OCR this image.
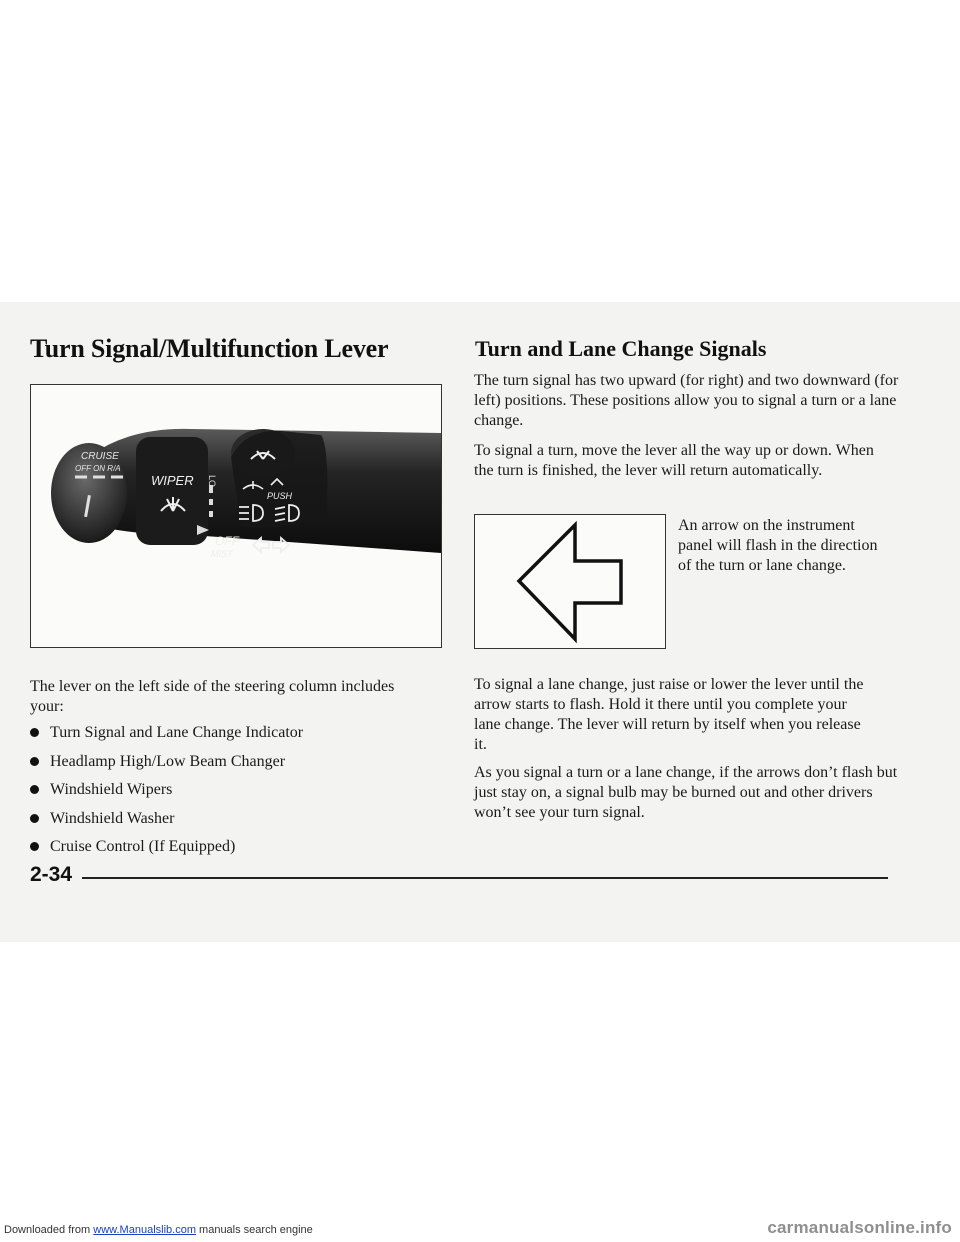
Turn Signal/Multifunction Lever
CRUISE
OFF ON R/A
WIPER LO
PUSH
OFF
MIST

The lever on the left side of the steering column includes your:

Turn Signal and Lane Change Indicator
Headlamp High/Low Beam Changer
Windshield Wipers
Windshield Washer
Cruise Control (If Equipped)
Turn and Lane Change Signals

The turn signal has two upward (for right) and two downward (for left) positions. These positions allow you to signal a turn or a lane change.

To signal a turn, move the lever all the way up or down. When the turn is finished, the lever will return automatically.

An arrow on the instrument panel will flash in the direction of the turn or lane change.

To signal a lane change, just raise or lower the lever until the arrow starts to flash. Hold it there until you complete your lane change. The lever will return by itself when you release it.

As you signal a turn or a lane change, if the arrows don’t flash but just stay on, a signal bulb may be burned out and other drivers won’t see your turn signal.

2-34
Downloaded from www.Manualslib.com manuals search engine	carmanualsonline.info
